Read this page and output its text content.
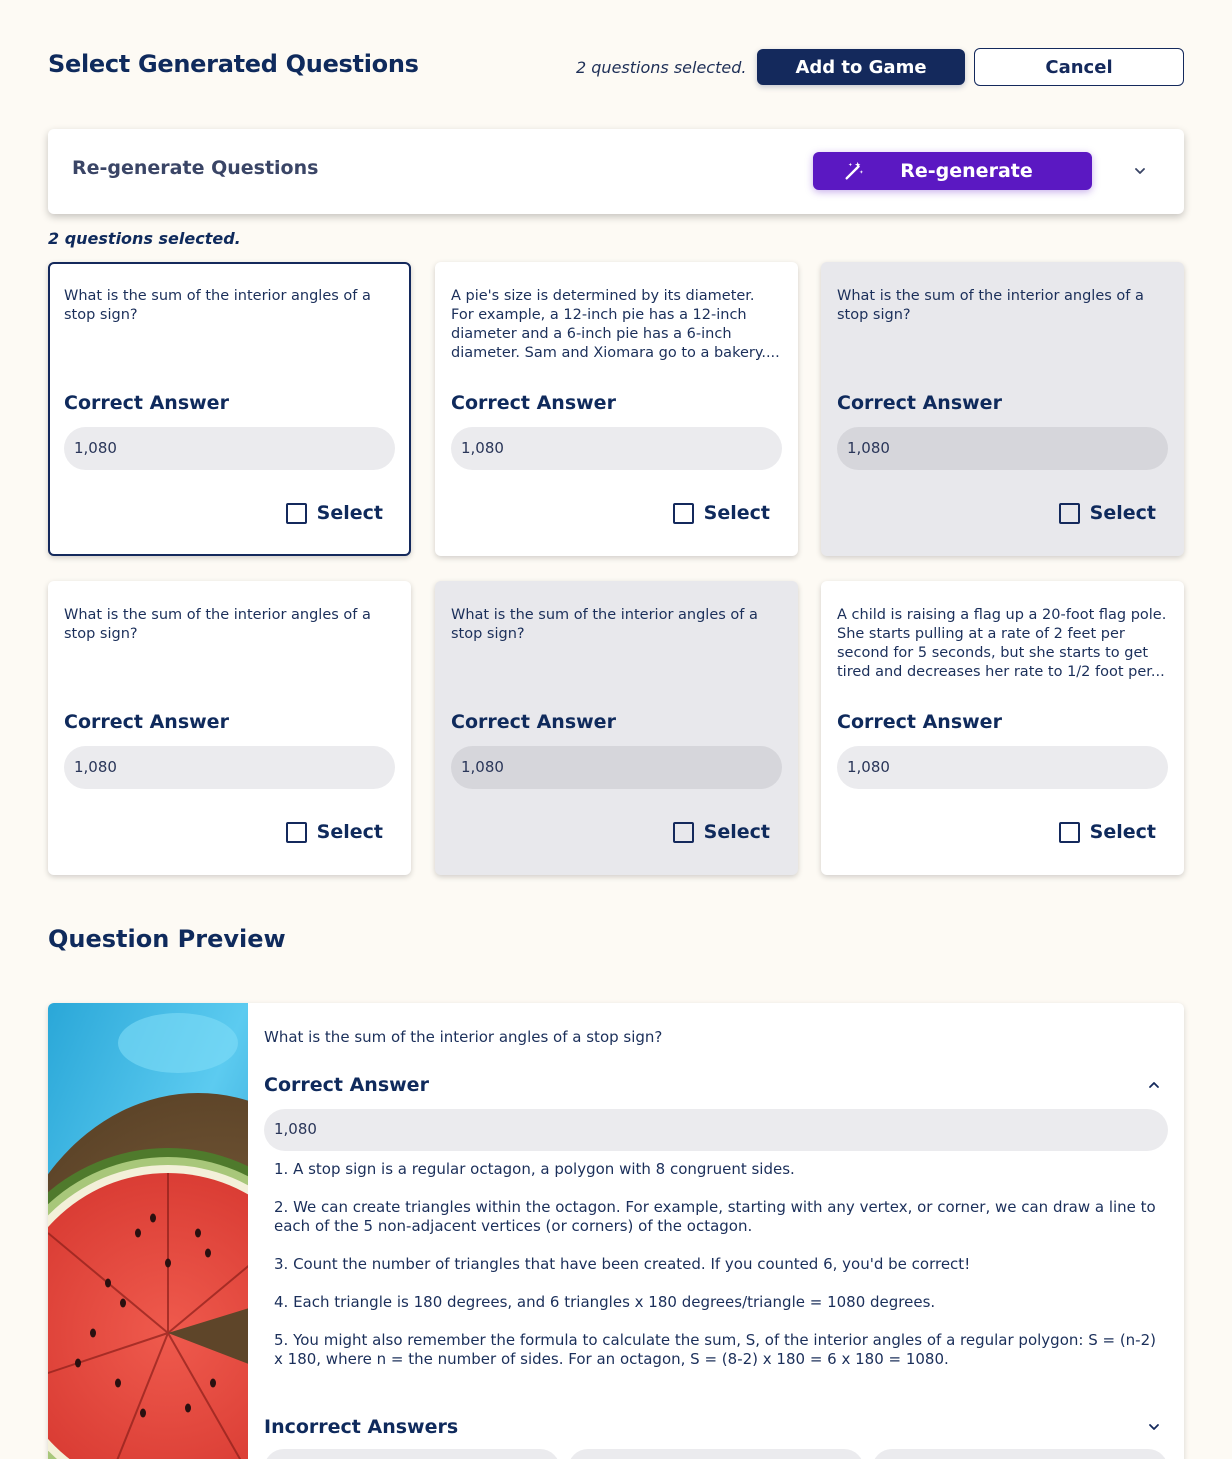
Select Generated Questions	2 questions selected.	Add to Game	Cancel
Re-generate Questions	Re-generate
2 questions selected.
What is the sum of the interior angles of a stop sign?
Correct Answer
1,080
Select
A pie's size is determined by its diameter. For example, a 12-inch pie has a 12-inch diameter and a 6-inch pie has a 6-inch diameter. Sam and Xiomara go to a bakery....
Correct Answer
1,080
Select
What is the sum of the interior angles of a stop sign?
Correct Answer
1,080
Select
What is the sum of the interior angles of a stop sign?
Correct Answer
1,080
Select
What is the sum of the interior angles of a stop sign?
Correct Answer
1,080
Select
A child is raising a flag up a 20-foot flag pole. She starts pulling at a rate of 2 feet per second for 5 seconds, but she starts to get tired and decreases her rate to 1/2 foot per...
Correct Answer
1,080
Select
Question Preview
What is the sum of the interior angles of a stop sign?
Correct Answer
1,080

1. A stop sign is a regular octagon, a polygon with 8 congruent sides.

2. We can create triangles within the octagon. For example, starting with any vertex, or corner, we can draw a line to each of the 5 non-adjacent vertices (or corners) of the octagon.

3. Count the number of triangles that have been created. If you counted 6, you'd be correct!

4. Each triangle is 180 degrees, and 6 triangles x 180 degrees/triangle = 1080 degrees.

5. You might also remember the formula to calculate the sum, S, of the interior angles of a regular polygon: S = (n-2) x 180, where n = the number of sides. For an octagon, S = (8-2) x 180 = 6 x 180 = 1080.

Incorrect Answers
